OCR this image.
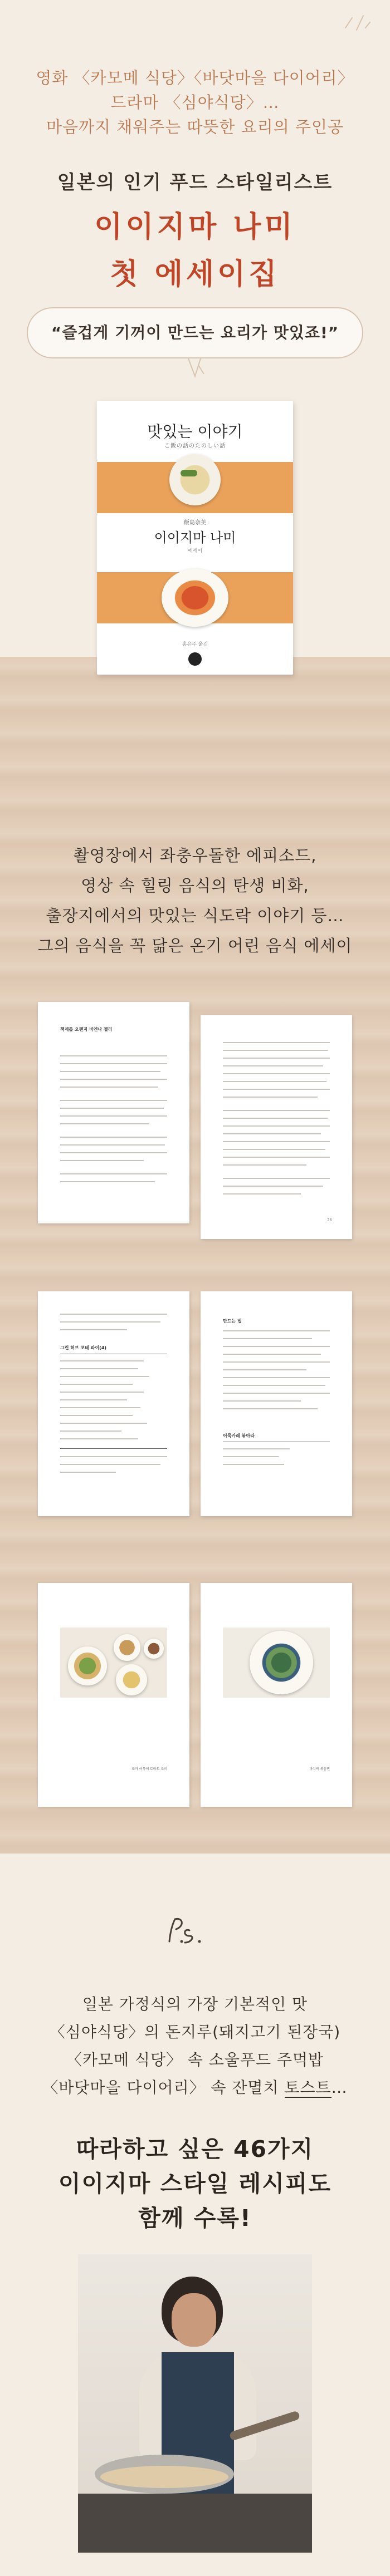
영화 〈카모메 식당〉〈바닷마을 다이어리〉

드라마 〈심야식당〉…

마음까지 채워주는 따뜻한 요리의 주인공

일본의 인기 푸드 스타일리스트
이이지마 나미
첫 에세이집
“즐겁게 기꺼이 만드는 요리가 맛있죠!”
맛있는 이야기
こ飯の話のたのしい話
飯島奈美
이이지마 나미
에세이
홍은주 옮김

촬영장에서 좌충우돌한 에피소드,

영상 속 힐링 음식의 탄생 비화,

출장지에서의 맛있는 식도락 이야기 등…

그의 음식을 꼭 닮은 온기 어린 음식 에세이

책제를 오렌지 비엔나 젤리
26
그린 허브 포테 파이(4)
만드는 법
어묵카레 볶아라
포카 어묵에 토마토 조미	바지락 볶음면

일본 가정식의 가장 기본적인 맛

〈심야식당〉의 돈지루(돼지고기 된장국)

〈카모메 식당〉 속 소울푸드 주먹밥

〈바닷마을 다이어리〉 속 잔멸치 토스트…

따라하고 싶은 46가지

이이지마 스타일 레시피도

함께 수록!
